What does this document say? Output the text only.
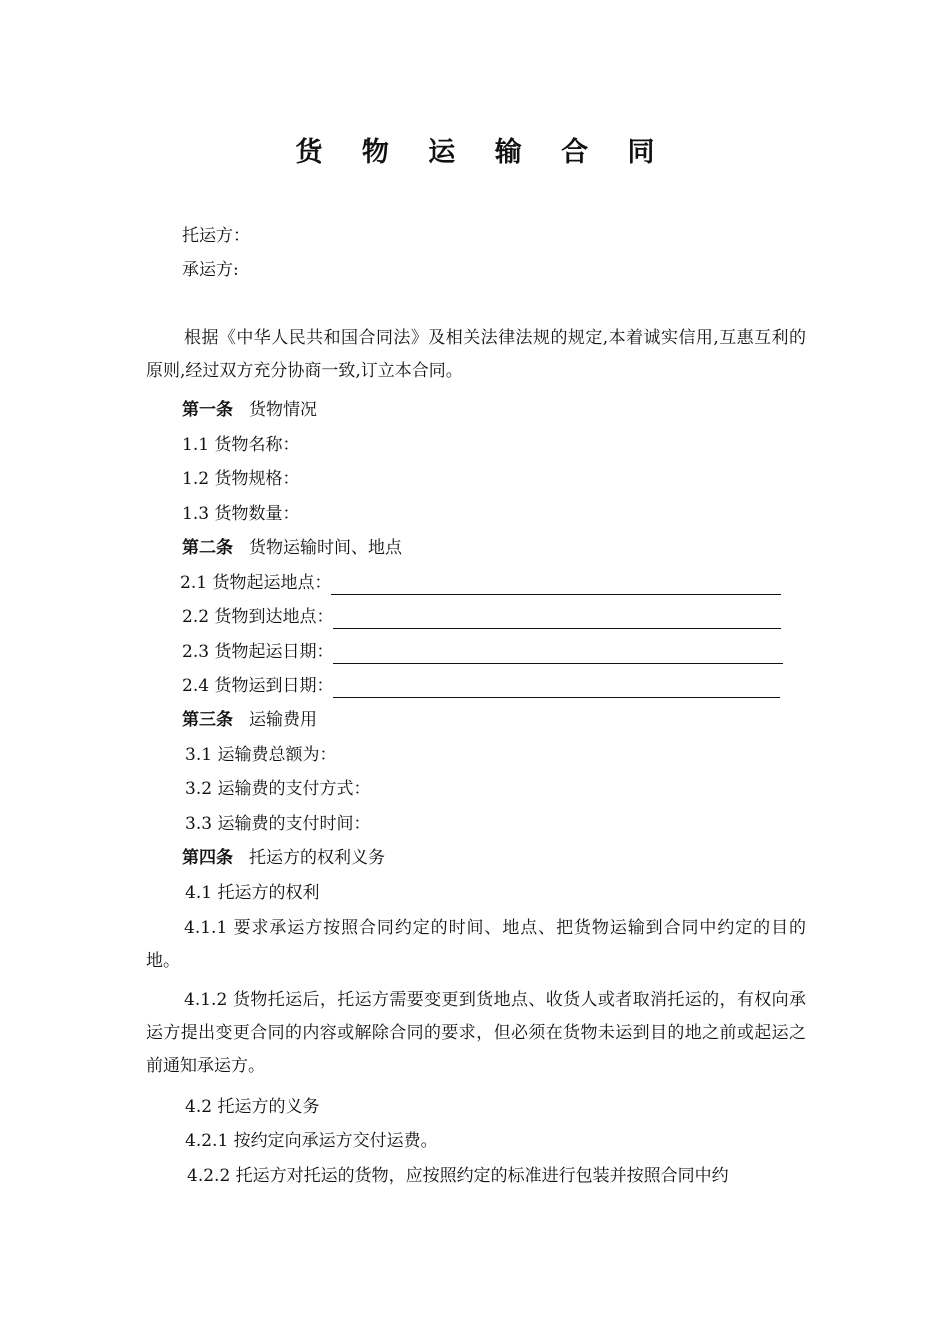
货 物 运 输 合 同
托运方：
承运方:
根据《中华人民共和国合同法》及相关法律法规的规定,本着诚实信用,互惠互利的原则,经过双方充分协商一致,订立本合同。
第一条 货物情况
1.1 货物名称：
1.2 货物规格：
1.3 货物数量：
第二条 货物运输时间、地点
2.1 货物起运地点：
2.2 货物到达地点：
2.3 货物起运日期：
2.4 货物运到日期：
第三条 运输费用
3.1 运输费总额为：
3.2 运输费的支付方式：
3.3 运输费的支付时间：
第四条 托运方的权利义务
4.1 托运方的权利
4.1.1 要求承运方按照合同约定的时间、地点、把货物运输到合同中约定的目的地。
4.1.2 货物托运后，托运方需要变更到货地点、收货人或者取消托运的，有权向承运方提出变更合同的内容或解除合同的要求，但必须在货物未运到目的地之前或起运之前通知承运方。
4.2 托运方的义务
4.2.1 按约定向承运方交付运费。
4.2.2 托运方对托运的货物，应按照约定的标准进行包装并按照合同中约
